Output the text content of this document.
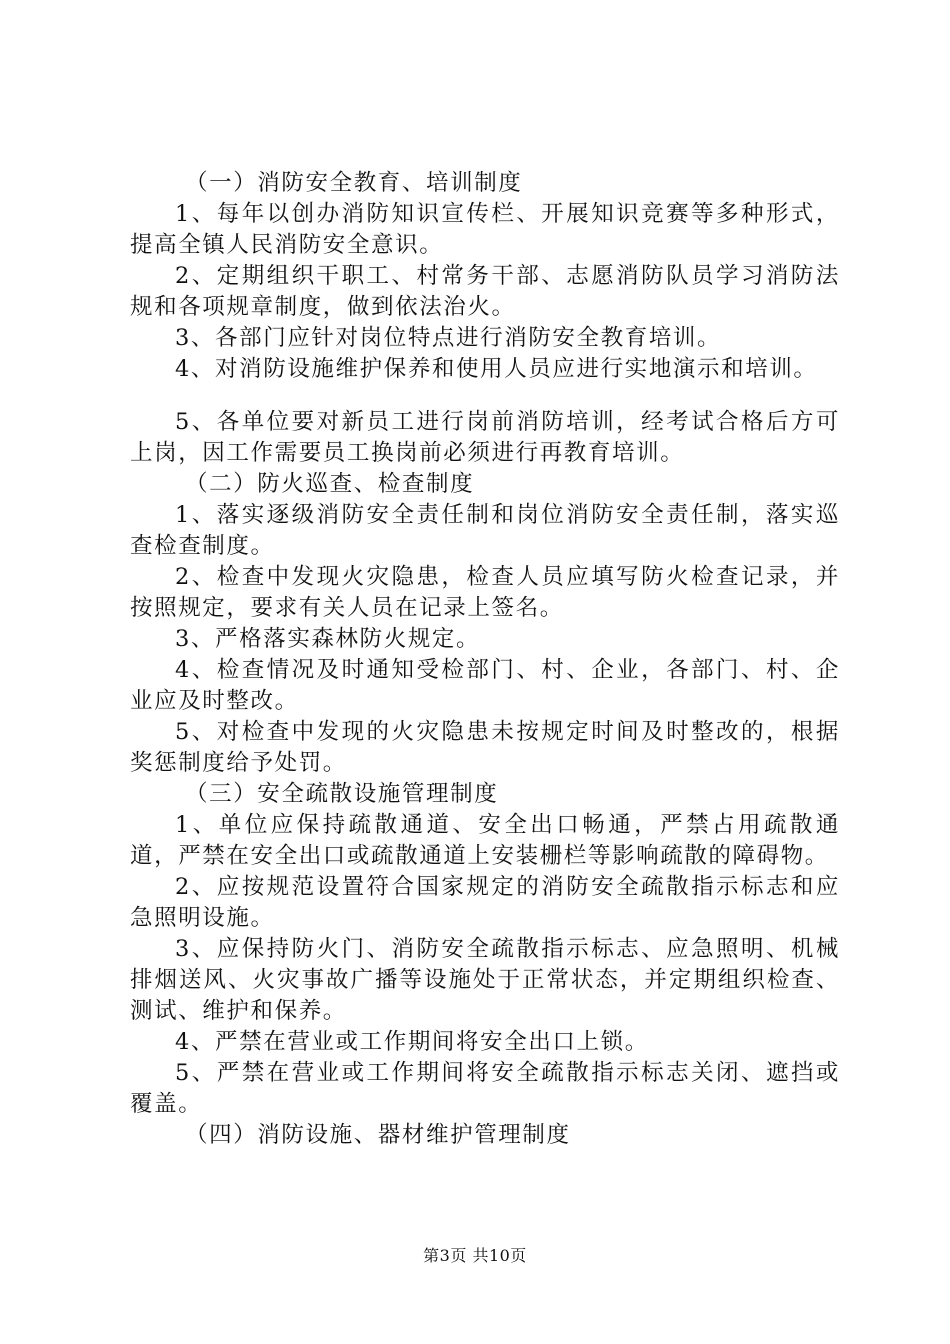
（一）消防安全教育、培训制度

1、每年以创办消防知识宣传栏、开展知识竞赛等多种形式，提高全镇人民消防安全意识。

2、定期组织干职工、村常务干部、志愿消防队员学习消防法规和各项规章制度，做到依法治火。

3、各部门应针对岗位特点进行消防安全教育培训。

4、对消防设施维护保养和使用人员应进行实地演示和培训。

5、各单位要对新员工进行岗前消防培训，经考试合格后方可上岗，因工作需要员工换岗前必须进行再教育培训。

（二）防火巡查、检查制度

1、落实逐级消防安全责任制和岗位消防安全责任制，落实巡查检查制度。

2、检查中发现火灾隐患，检查人员应填写防火检查记录，并按照规定，要求有关人员在记录上签名。

3、严格落实森林防火规定。

4、检查情况及时通知受检部门、村、企业，各部门、村、企业应及时整改。

5、对检查中发现的火灾隐患未按规定时间及时整改的，根据奖惩制度给予处罚。

（三）安全疏散设施管理制度

1、单位应保持疏散通道、安全出口畅通，严禁占用疏散通道，严禁在安全出口或疏散通道上安装栅栏等影响疏散的障碍物。

2、应按规范设置符合国家规定的消防安全疏散指示标志和应急照明设施。

3、应保持防火门、消防安全疏散指示标志、应急照明、机械排烟送风、火灾事故广播等设施处于正常状态，并定期组织检查、测试、维护和保养。

4、严禁在营业或工作期间将安全出口上锁。

5、严禁在营业或工作期间将安全疏散指示标志关闭、遮挡或覆盖。

（四）消防设施、器材维护管理制度

第3页 共10页
